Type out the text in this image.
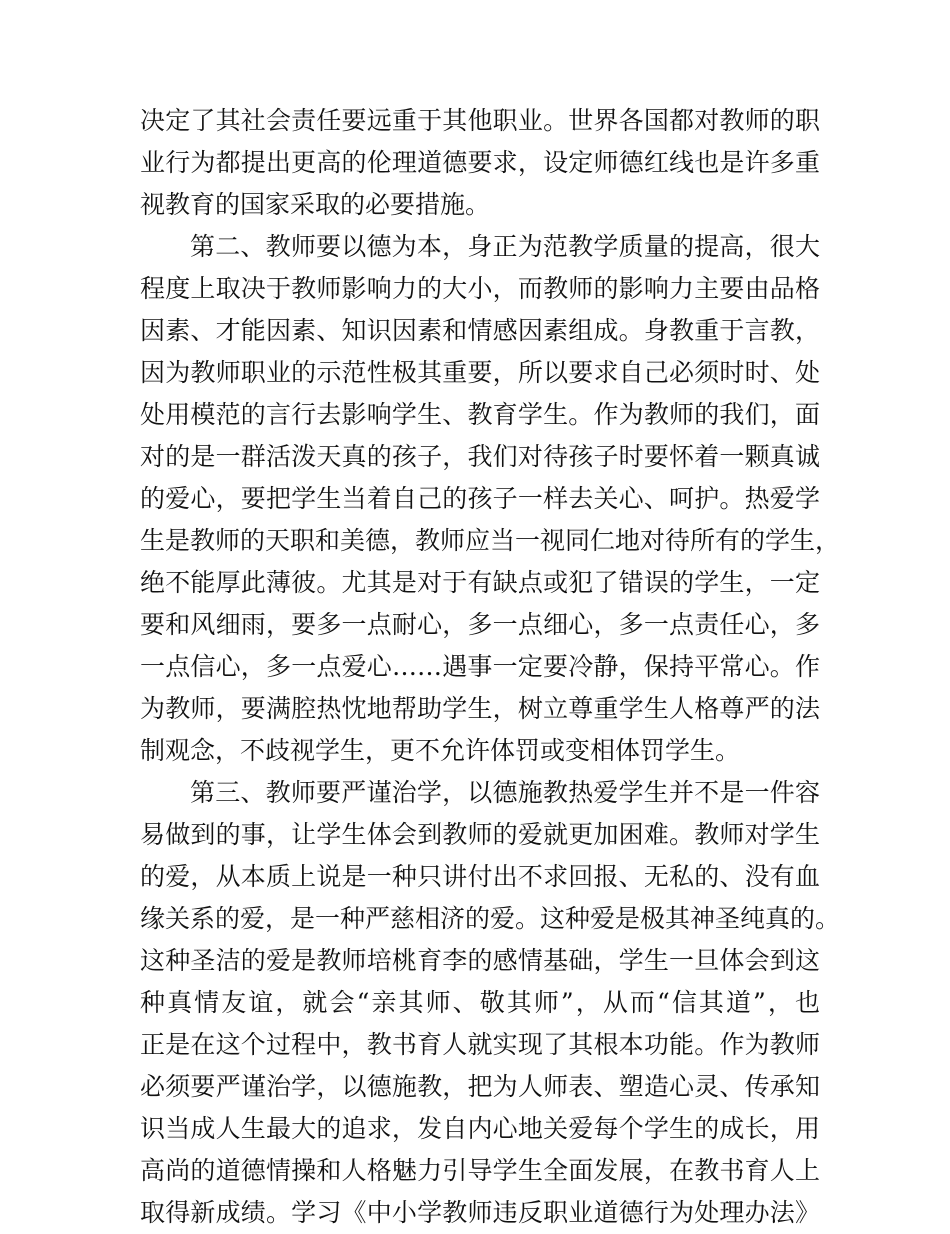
决定了其社会责任要远重于其他职业。世界各国都对教师的职
业行为都提出更高的伦理道德要求，设定师德红线也是许多重
视教育的国家采取的必要措施。
第二、教师要以德为本，身正为范教学质量的提高，很大
程度上取决于教师影响力的大小，而教师的影响力主要由品格
因素、才能因素、知识因素和情感因素组成。身教重于言教，
因为教师职业的示范性极其重要，所以要求自己必须时时、处
处用模范的言行去影响学生、教育学生。作为教师的我们，面
对的是一群活泼天真的孩子，我们对待孩子时要怀着一颗真诚
的爱心，要把学生当着自己的孩子一样去关心、呵护。热爱学
生是教师的天职和美德，教师应当一视同仁地对待所有的学生，
绝不能厚此薄彼。尤其是对于有缺点或犯了错误的学生，一定
要和风细雨，要多一点耐心，多一点细心，多一点责任心，多
一点信心，多一点爱心……遇事一定要冷静，保持平常心。作
为教师，要满腔热忱地帮助学生，树立尊重学生人格尊严的法
制观念，不歧视学生，更不允许体罚或变相体罚学生。
第三、教师要严谨治学，以德施教热爱学生并不是一件容
易做到的事，让学生体会到教师的爱就更加困难。教师对学生
的爱，从本质上说是一种只讲付出不求回报、无私的、没有血
缘关系的爱，是一种严慈相济的爱。这种爱是极其神圣纯真的。
这种圣洁的爱是教师培桃育李的感情基础，学生一旦体会到这
种真情友谊，就会“亲其师、敬其师”，从而“信其道”，也
正是在这个过程中，教书育人就实现了其根本功能。作为教师
必须要严谨治学，以德施教，把为人师表、塑造心灵、传承知
识当成人生最大的追求，发自内心地关爱每个学生的成长，用
高尚的道德情操和人格魅力引导学生全面发展，在教书育人上
取得新成绩。学习《中小学教师违反职业道德行为处理办法》
